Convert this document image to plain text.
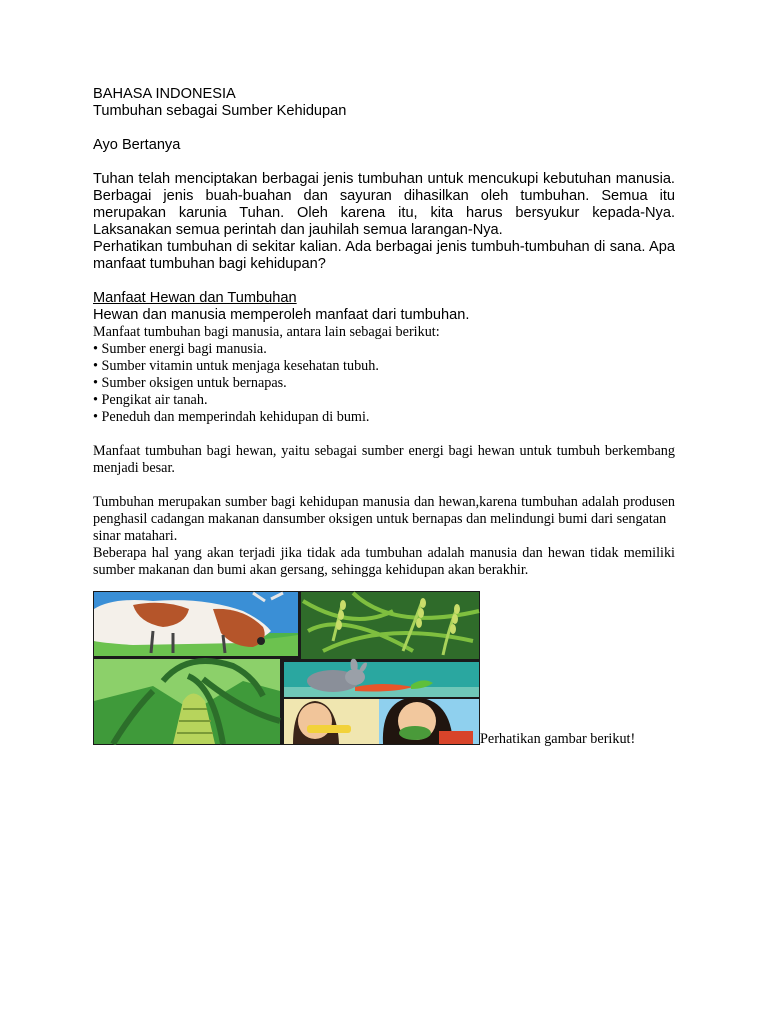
BAHASA INDONESIA

Tumbuhan sebagai Sumber Kehidupan

Ayo Bertanya

Tuhan telah menciptakan berbagai jenis tumbuhan untuk mencukupi kebutuhan manusia. Berbagai jenis buah-buahan dan sayuran dihasilkan oleh tumbuhan. Semua itu merupakan karunia Tuhan. Oleh karena itu, kita harus bersyukur kepada-Nya. Laksanakan semua perintah dan jauhilah semua larangan-Nya.

Perhatikan tumbuhan di sekitar kalian. Ada berbagai jenis tumbuh-tumbuhan di sana. Apa manfaat tumbuhan bagi kehidupan?

Manfaat Hewan dan Tumbuhan

Hewan dan manusia memperoleh manfaat dari tumbuhan.

Manfaat tumbuhan bagi manusia, antara lain sebagai berikut:

• Sumber energi bagi manusia.
• Sumber vitamin untuk menjaga kesehatan tubuh.
• Sumber oksigen untuk bernapas.
• Pengikat air tanah.
• Peneduh dan memperindah kehidupan di bumi.

Manfaat tumbuhan bagi hewan, yaitu sebagai sumber energi bagi hewan untuk tumbuh berkembang menjadi besar.

Tumbuhan merupakan sumber bagi kehidupan manusia dan hewan,karena tumbuhan adalah produsen penghasil cadangan makanan dansumber oksigen untuk bernapas dan melindungi bumi dari sengatan

sinar matahari.

Beberapa hal yang akan terjadi jika tidak ada tumbuhan adalah manusia dan hewan tidak memiliki sumber makanan dan bumi akan gersang, sehingga kehidupan akan berakhir.

Perhatikan gambar berikut!
